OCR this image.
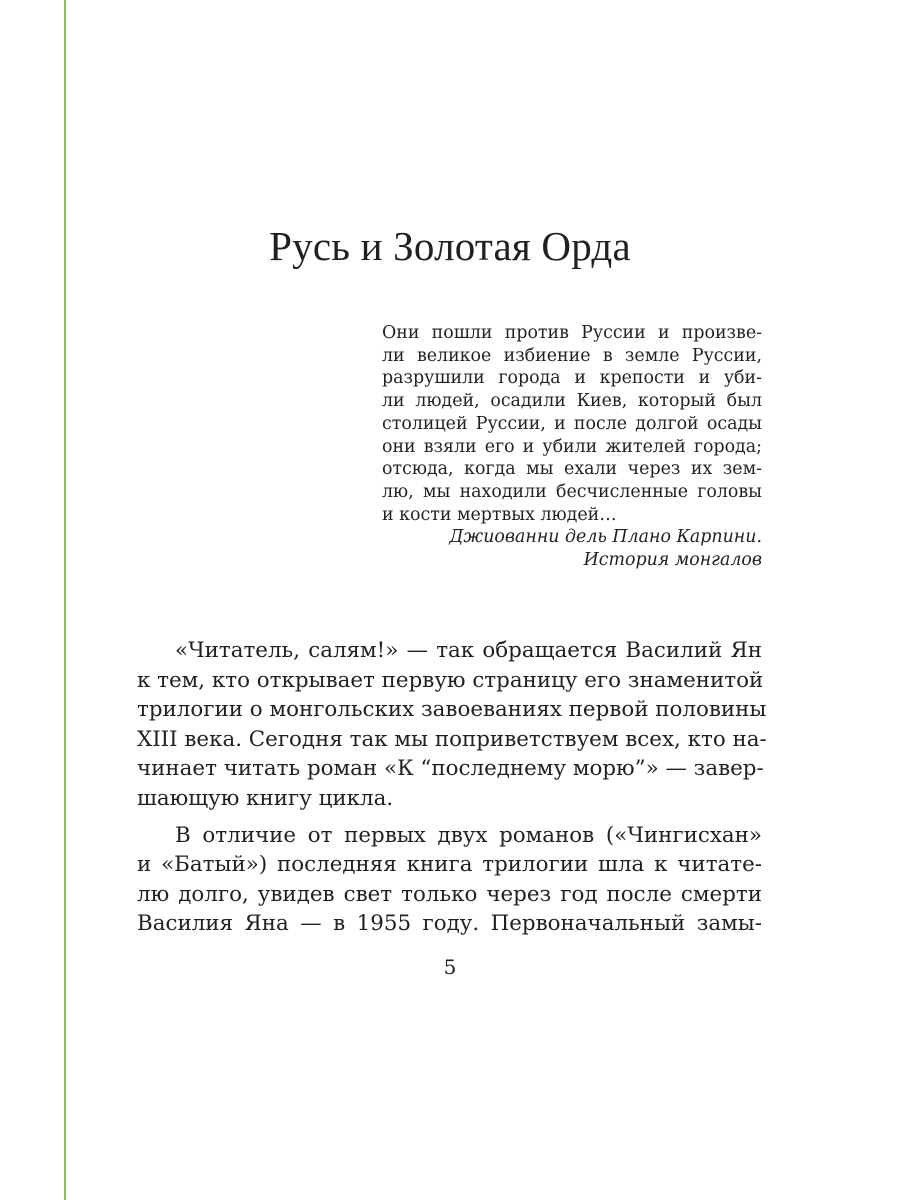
Русь и Золотая Орда
Они пошли против Руссии и произве-
ли великое избиение в земле Руссии,
разрушили города и крепости и уби-
ли людей, осадили Киев, который был
столицей Руссии, и после долгой осады
они взяли его и убили жителей города;
отсюда, когда мы ехали через их зем-
лю, мы находили бесчисленные головы
и кости мертвых людей…
Джиованни дель Плано Карпини.
История монгалов
«Читатель, салям!» — так обращается Василий Ян
к тем, кто открывает первую страницу его знаменитой
трилогии о монгольских завоеваниях первой половины
XIII века. Сегодня так мы поприветствуем всех, кто на-
чинает читать роман «К “последнему морю”» — завер-
шающую книгу цикла.
В отличие от первых двух романов («Чингисхан»
и «Батый») последняя книга трилогии шла к читате-
лю долго, увидев свет только через год после смерти
Василия Яна — в 1955 году. Первоначальный замы-
5
